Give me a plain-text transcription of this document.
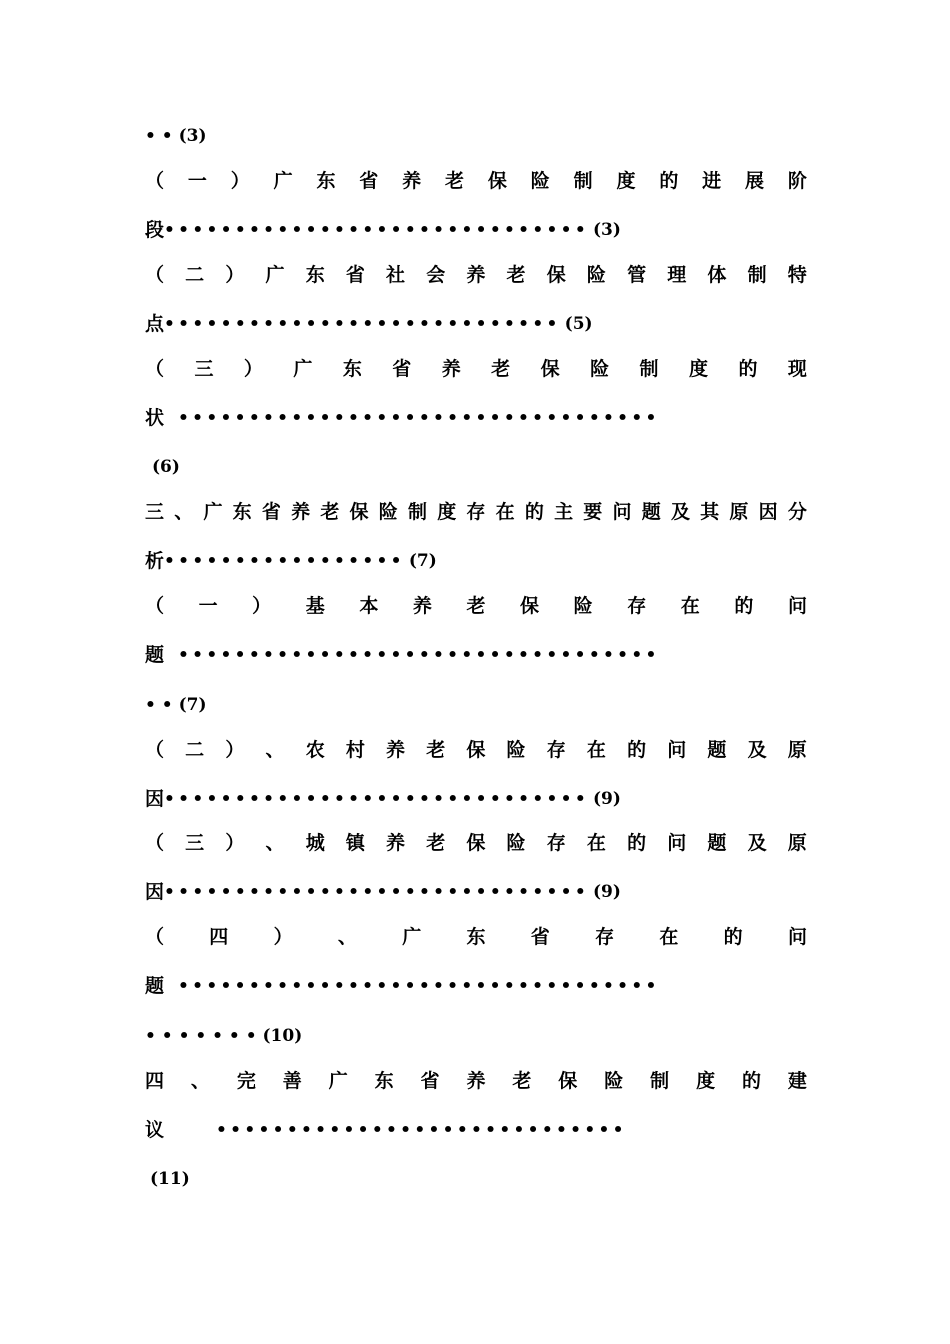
• • (3)
（ 一 ） 广 东 省 养 老 保 险 制 度 的 进 展 阶
段 •••••••••••••••••••••••••••••• (3)
（ 二 ） 广 东 省 社 会 养 老 保 险 管 理 体 制 特
点 •••••••••••••••••••••••••••• (5)
（ 三 ） 广 东 省 养 老 保 险 制 度 的 现
状 ••••••••••••••••••••••••••••••••••
(6)
三 、 广 东 省 养 老 保 险 制 度 存 在 的 主 要 问 题 及 其 原 因 分
析 ••••••••••••••••• (7)
（ 一 ） 基 本 养 老 保 险 存 在 的 问
题 ••••••••••••••••••••••••••••••••••
• • (7)
（ 二 ） 、 农 村 养 老 保 险 存 在 的 问 题 及 原
因 •••••••••••••••••••••••••••••• (9)
（ 三 ） 、 城 镇 养 老 保 险 存 在 的 问 题 及 原
因 •••••••••••••••••••••••••••••• (9)
（ 四 ） 、 广 东 省 存 在 的 问
题 ••••••••••••••••••••••••••••••••••
• • • • • • • (10)
四 、 完 善 广 东 省 养 老 保 险 制 度 的 建
议	•••••••••••••••••••••••••••••
(11)
